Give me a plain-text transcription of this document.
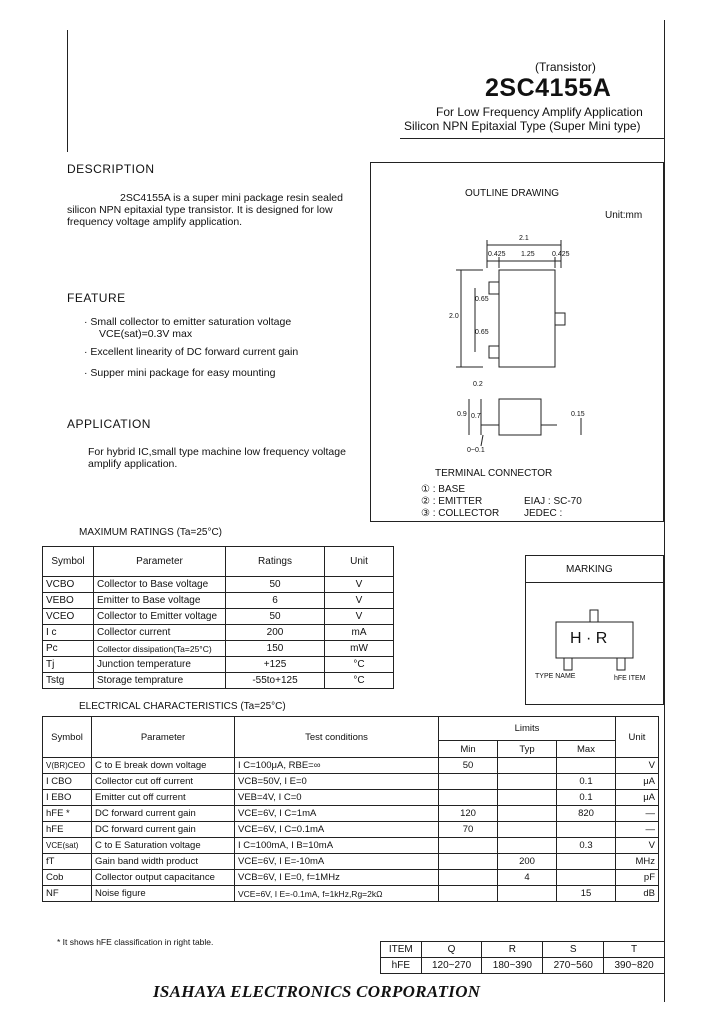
(Transistor)
2SC4155A
For Low Frequency Amplify Application
Silicon NPN Epitaxial Type (Super Mini type)
DESCRIPTION
2SC4155A is a super mini package resin sealed
silicon NPN epitaxial type transistor. It is designed for low
frequency voltage amplify application.
FEATURE
· Small collector to emitter saturation voltage
VCE(sat)=0.3V max
· Excellent linearity of DC forward current gain
· Supper mini package for easy mounting
APPLICATION
For hybrid IC,small type machine low frequency voltage
amplify application.
OUTLINE DRAWING
Unit:mm
2.1
0.425 1.25 0.425
2.0
0.65
0.65
0.9 0.7
0.2
0.15
0~0.1
TERMINAL CONNECTOR
① : BASE
② : EMITTER
③ : COLLECTOR
EIAJ : SC-70
JEDEC :
MAXIMUM RATINGS (Ta=25°C)
Symbol	Parameter	Ratings	Unit
VCBO	Collector to Base voltage	50	V
VEBO	Emitter to Base voltage	6	V
VCEO	Collector to Emitter voltage	50	V
I c	Collector current	200	mA
Pc	Collector dissipation(Ta=25°C)	150	mW
Tj	Junction temperature	+125	°C
Tstg	Storage temprature	-55to+125	°C
MARKING
H · R
TYPE NAME	hFE ITEM
ELECTRICAL CHARACTERISTICS (Ta=25°C)
Symbol	Parameter	Test conditions	Limits			Unit
			Min	Typ	Max	
V(BR)CEO	C to E break down voltage	I C=100μA, RBE=∞	50			V
I CBO	Collector cut off current	VCB=50V, I E=0			0.1	μA
I EBO	Emitter cut off current	VEB=4V, I C=0			0.1	μA
hFE *	DC forward current gain	VCE=6V, I C=1mA	120		820	—
hFE	DC forward current gain	VCE=6V, I C=0.1mA	70			—
VCE(sat)	C to E Saturation voltage	I C=100mA, I B=10mA			0.3	V
fT	Gain band width product	VCE=6V, I E=-10mA		200		MHz
Cob	Collector output capacitance	VCB=6V, I E=0, f=1MHz		4		pF
NF	Noise figure	VCE=6V, I E=-0.1mA, f=1kHz,Rg=2kΩ			15	dB
* It shows hFE classification in right table.
ITEM	Q	R	S	T
hFE	120~270	180~390	270~560	390~820
ISAHAYA ELECTRONICS CORPORATION
